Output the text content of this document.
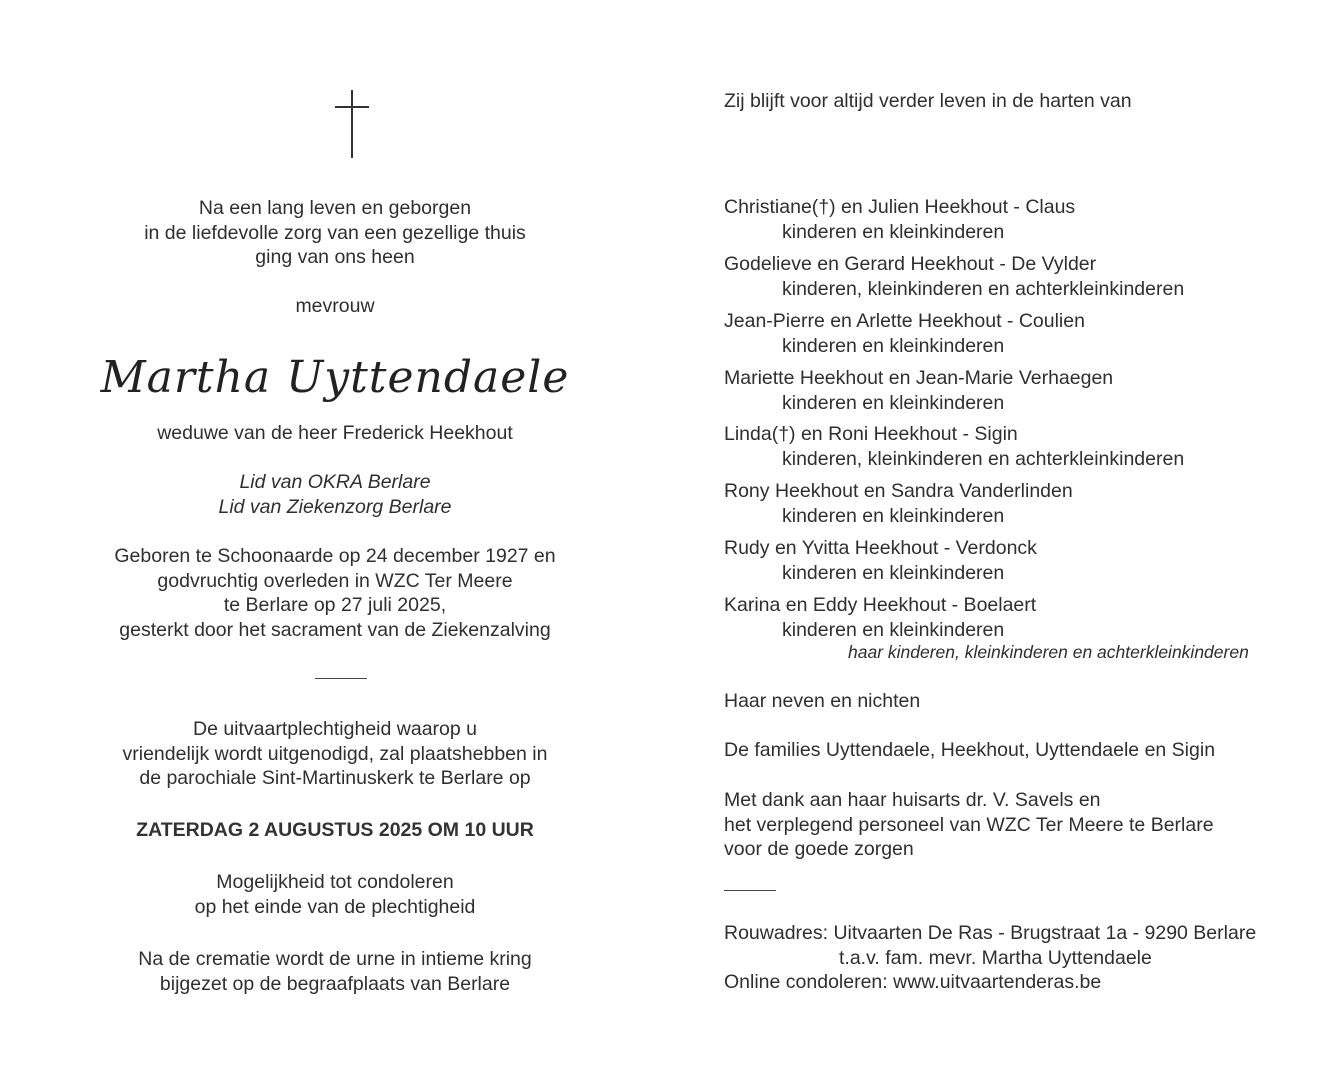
Na een lang leven en geborgen
in de liefdevolle zorg van een gezellige thuis
ging van ons heen
mevrouw
Martha Uyttendaele
weduwe van de heer Frederick Heekhout
Lid van OKRA Berlare
Lid van Ziekenzorg Berlare
Geboren te Schoonaarde op 24 december 1927 en
godvruchtig overleden in WZC Ter Meere
te Berlare op 27 juli 2025,
gesterkt door het sacrament van de Ziekenzalving
De uitvaartplechtigheid waarop u
vriendelijk wordt uitgenodigd, zal plaatshebben in
de parochiale Sint-Martinuskerk te Berlare op
ZATERDAG 2 AUGUSTUS 2025 OM 10 UUR
Mogelijkheid tot condoleren
op het einde van de plechtigheid
Na de crematie wordt de urne in intieme kring
bijgezet op de begraafplaats van Berlare
Zij blijft voor altijd verder leven in de harten van
Christiane(†) en Julien Heekhout - Claus
kinderen en kleinkinderen
Godelieve en Gerard Heekhout - De Vylder
kinderen, kleinkinderen en achterkleinkinderen
Jean-Pierre en Arlette Heekhout - Coulien
kinderen en kleinkinderen
Mariette Heekhout en Jean-Marie Verhaegen
kinderen en kleinkinderen
Linda(†) en Roni Heekhout - Sigin
kinderen, kleinkinderen en achterkleinkinderen
Rony Heekhout en Sandra Vanderlinden
kinderen en kleinkinderen
Rudy en Yvitta Heekhout - Verdonck
kinderen en kleinkinderen
Karina en Eddy Heekhout - Boelaert
kinderen en kleinkinderen
haar kinderen, kleinkinderen en achterkleinkinderen
Haar neven en nichten
De families Uyttendaele, Heekhout, Uyttendaele en Sigin
Met dank aan haar huisarts dr. V. Savels en
het verplegend personeel van WZC Ter Meere te Berlare
voor de goede zorgen
Rouwadres: Uitvaarten De Ras - Brugstraat 1a - 9290 Berlare
t.a.v. fam. mevr. Martha Uyttendaele
Online condoleren: www.uitvaartenderas.be
